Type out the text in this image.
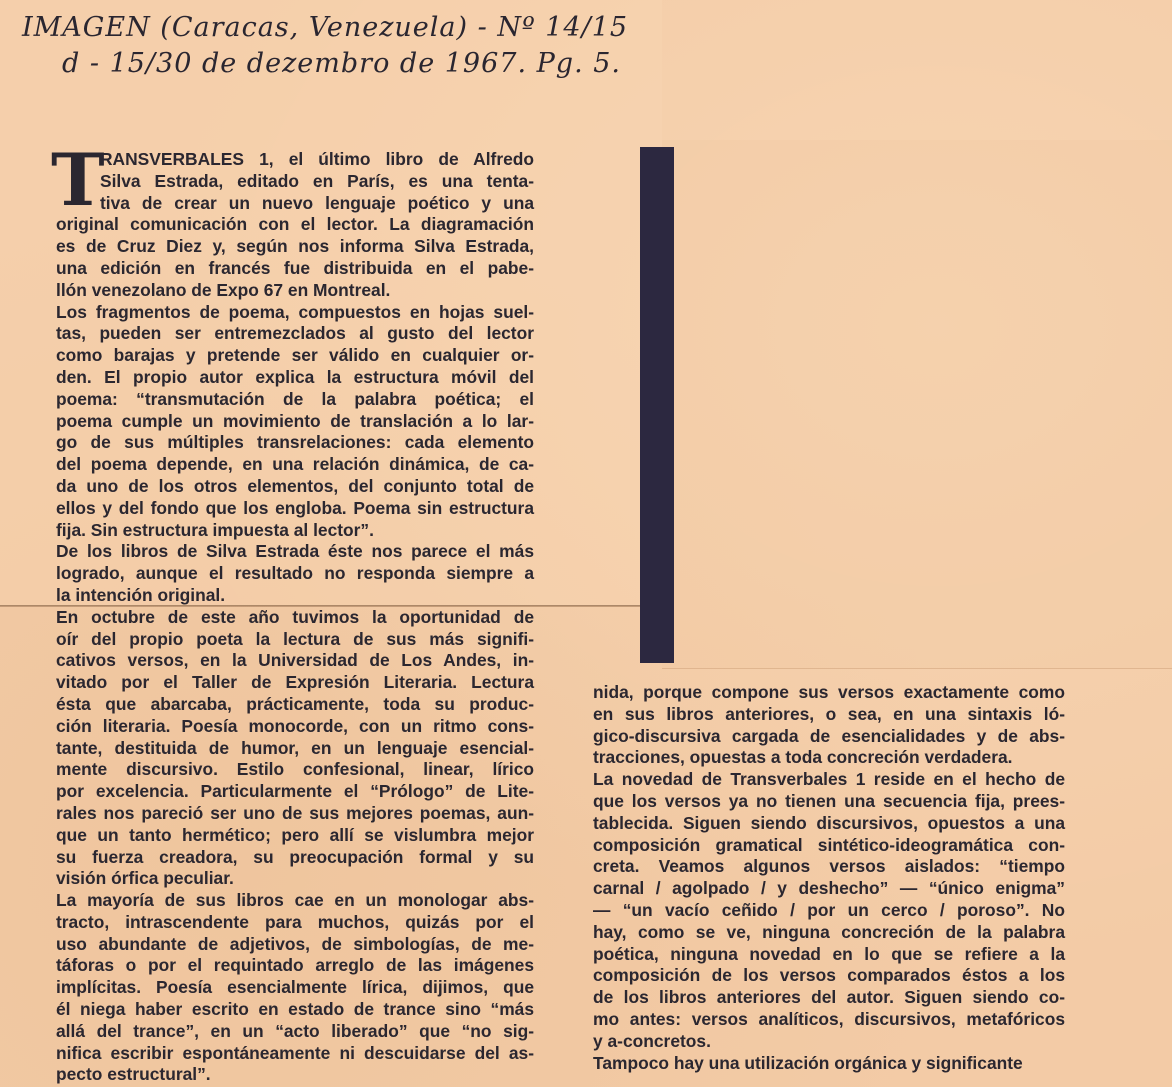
IMAGEN (Caracas, Venezuela) - Nº 14/15
d - 15/30 de dezembro de 1967. Pg. 5.

T
RANSVERBALES 1, el último libro de Alfredo
Silva Estrada, editado en París, es una tenta-
tiva de crear un nuevo lenguaje poético y una
original comunicación con el lector. La diagramación
es de Cruz Diez y, según nos informa Silva Estrada,
una edición en francés fue distribuida en el pabe-
llón venezolano de Expo 67 en Montreal.

Los fragmentos de poema, compuestos en hojas suel-
tas, pueden ser entremezclados al gusto del lector
como barajas y pretende ser válido en cualquier or-
den. El propio autor explica la estructura móvil del
poema: “transmutación de la palabra poética; el
poema cumple un movimiento de translación a lo lar-
go de sus múltiples transrelaciones: cada elemento
del poema depende, en una relación dinámica, de ca-
da uno de los otros elementos, del conjunto total de
ellos y del fondo que los engloba. Poema sin estructura
fija. Sin estructura impuesta al lector”.

De los libros de Silva Estrada éste nos parece el más
logrado, aunque el resultado no responda siempre a
la intención original.

En octubre de este año tuvimos la oportunidad de
oír del propio poeta la lectura de sus más signifi-
cativos versos, en la Universidad de Los Andes, in-
vitado por el Taller de Expresión Literaria. Lectura
ésta que abarcaba, prácticamente, toda su produc-
ción literaria. Poesía monocorde, con un ritmo cons-
tante, destituida de humor, en un lenguaje esencial-
mente discursivo. Estilo confesional, linear, lírico
por excelencia. Particularmente el “Prólogo” de Lite-
rales nos pareció ser uno de sus mejores poemas, aun-
que un tanto hermético; pero allí se vislumbra mejor
su fuerza creadora, su preocupación formal y su
visión órfica peculiar.

La mayoría de sus libros cae en un monologar abs-
tracto, intrascendente para muchos, quizás por el
uso abundante de adjetivos, de simbologías, de me-
táforas o por el requintado arreglo de las imágenes
implícitas. Poesía esencialmente lírica, dijimos, que
él niega haber escrito en estado de trance sino “más
allá del trance”, en un “acto liberado” que “no sig-
nifica escribir espontáneamente ni descuidarse del as-
pecto estructural”.

nida, porque compone sus versos exactamente como
en sus libros anteriores, o sea, en una sintaxis ló-
gico-discursiva cargada de esencialidades y de abs-
tracciones, opuestas a toda concreción verdadera.

La novedad de Transverbales 1 reside en el hecho de
que los versos ya no tienen una secuencia fija, prees-
tablecida. Siguen siendo discursivos, opuestos a una
composición gramatical sintético-ideogramática con-
creta. Veamos algunos versos aislados: “tiempo
carnal / agolpado / y deshecho” — “único enigma”
— “un vacío ceñido / por un cerco / poroso”. No
hay, como se ve, ninguna concreción de la palabra
poética, ninguna novedad en lo que se refiere a la
composición de los versos comparados éstos a los
de los libros anteriores del autor. Siguen siendo co-
mo antes: versos analíticos, discursivos, metafóricos
y a-concretos.

Tampoco hay una utilización orgánica y significante
